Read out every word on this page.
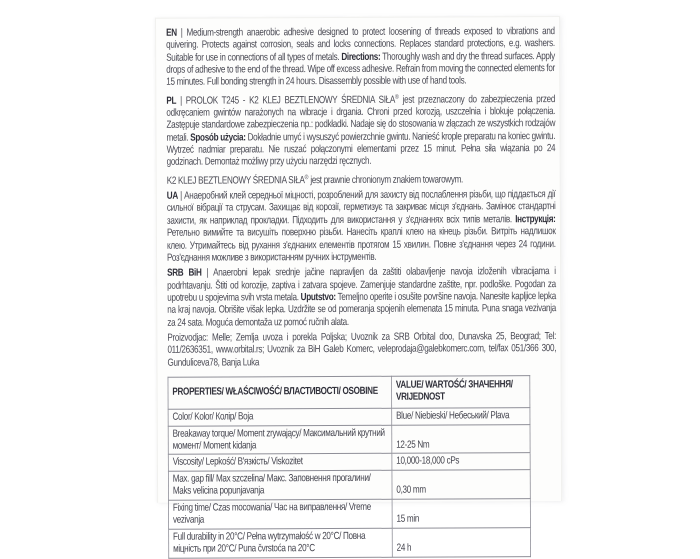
EN | Medium-strength anaerobic adhesive designed to protect loosening of threads exposed to vibrations and quivering. Protects against corrosion, seals and locks connections. Replaces standard protections, e.g. washers. Suitable for use in connections of all types of metals. Directions: Thoroughly wash and dry the thread surfaces. Apply drops of adhesive to the end of the thread. Wipe off excess adhesive. Refrain from moving the connected elements for 15 minutes. Full bonding strength in 24 hours. Disassembly possible with use of hand tools.

PL | PROLOK T245 - K2 KLEJ BEZTLENOWY ŚREDNIA SIŁA® jest przeznaczony do zabezpieczenia przed odkręcaniem gwintów narażonych na wibracje i drgania. Chroni przed korozją, uszczelnia i blokuje połączenia. Zastępuje standardowe zabezpieczenia np.: podkładki. Nadaje się do stosowania w złączach ze wszystkich rodzajów metali. Sposób użycia: Dokładnie umyć i wysuszyć powierzchnie gwintu. Nanieść krople preparatu na koniec gwintu. Wytrzeć nadmiar preparatu. Nie ruszać połączonymi elementami przez 15 minut. Pełna siła wiązania po 24 godzinach. Demontaż możliwy przy użyciu narzędzi ręcznych.

K2 KLEJ BEZTLENOWY ŚREDNIA SIŁA® jest prawnie chronionym znakiem towarowym.

UA | Анаеробний клей середньої міцності, розроблений для захисту від послаблення різьби, що піддається дії сильної вібрації та струсам. Захищає від корозії, герметизує та закриває місця з'єднань. Замінює стандартні захисти, як наприклад прокладки. Підходить для використання у з'єднаннях всіх типів металів. Інструкція: Ретельно вимийте та висушіть поверхню різьби. Нанесіть краплі клею на кінець різьби. Витріть надлишок клею. Утримайтесь від рухання з'єднаних елементів протягом 15 хвилин. Повне з'єднання через 24 години. Роз'єднання можливе з використанням ручних інструментів.

SRB BiH | Anaerobni lepak srednje jačine napravljen da zaštiti olabavljenje navoja izloženih vibracijama i podrhtavanju. Štiti od korozije, zaptiva i zatvara spojeve. Zamenjuje standardne zaštite, npr. podloške. Pogodan za upotrebu u spojevima svih vrsta metala. Uputstvo: Temeljno operite i osušite površine navoja. Nanesite kapljice lepka na kraj navoja. Obrišite višak lepka. Uzdržite se od pomeranja spojenih elemenata 15 minuta. Puna snaga vezivanja za 24 sata. Moguća demontaža uz pomoć ručnih alata.

Proizvodjac: Melle; Zemlja uvoza i porekla Poljska; Uvoznik za SRB Orbital doo, Dunavska 25, Beograd; Tel: 011/2636351, www.orbital.rs; Uvoznik za BiH Galeb Komerc, veleprodaja@galebkomerc.com, tel/fax 051/366 300, Gunduliceva78, Banja Luka

PROPERTIES/ WŁAŚCIWOŚĆ/ ВЛАСТИВОСТІ/ OSOBINE	VALUE/ WARTOŚĆ/ ЗНАЧЕННЯ/ VRIJEDNOST
Color/ Kolor/ Колір/ Boja	Blue/ Niebieski/ Небеський/ Plava
Breakaway torque/ Moment zrywający/ Максимальний крутний момент/ Moment kidanja	12-25 Nm
Viscosity/ Lepkość/ В'язкість/ Viskozitet	10,000-18,000 cPs
Max. gap fill/ Max szczelina/ Макс. Заповнення прогалини/ Maks velicina popunjavanja	0,30 mm
Fixing time/ Czas mocowania/ Час на виправлення/ Vreme vezivanja	15 min
Full durability in 20°C/ Pełna wytrzymałość w 20°C/ Повна міцність при 20°C/ Puna čvrstoća na 20°C	24 h
